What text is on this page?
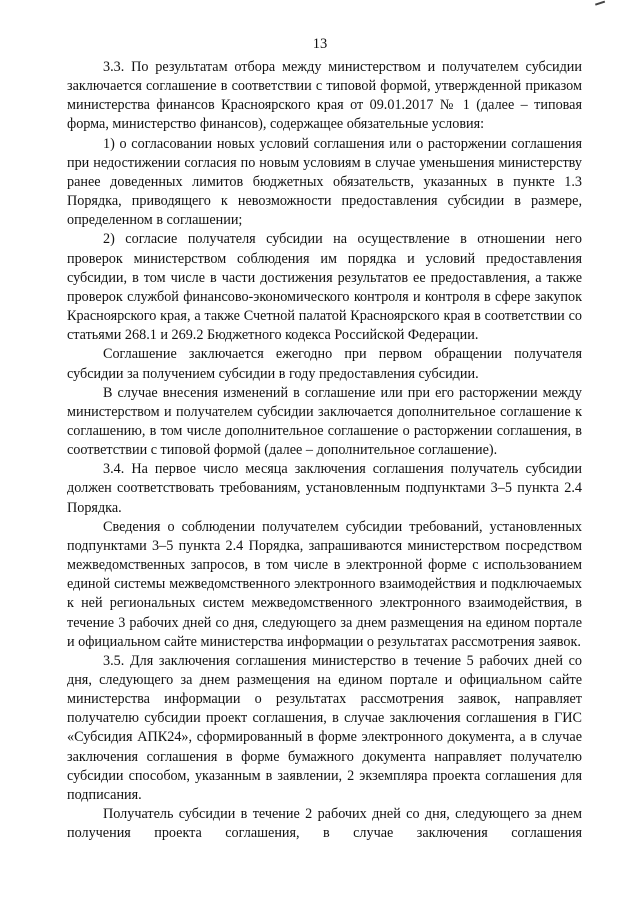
13

3.3. По результатам отбора между министерством и получателем субсидии заключается соглашение в соответствии с типовой формой, утвержденной приказом министерства финансов Красноярского края от 09.01.2017 № 1 (далее – типовая форма, министерство финансов), содержащее обязательные условия:

1) о согласовании новых условий соглашения или о расторжении соглашения при недостижении согласия по новым условиям в случае уменьшения министерству ранее доведенных лимитов бюджетных обязательств, указанных в пункте 1.3 Порядка, приводящего к невозможности предоставления субсидии в размере, определенном в соглашении;

2) согласие получателя субсидии на осуществление в отношении него проверок министерством соблюдения им порядка и условий предоставления субсидии, в том числе в части достижения результатов ее предоставления, а также проверок службой финансово-экономического контроля и контроля в сфере закупок Красноярского края, а также Счетной палатой Красноярского края в соответствии со статьями 268.1 и 269.2 Бюджетного кодекса Российской Федерации.

Соглашение заключается ежегодно при первом обращении получателя субсидии за получением субсидии в году предоставления субсидии.

В случае внесения изменений в соглашение или при его расторжении между министерством и получателем субсидии заключается дополнительное соглашение к соглашению, в том числе дополнительное соглашение о расторжении соглашения, в соответствии с типовой формой (далее – дополнительное соглашение).

3.4. На первое число месяца заключения соглашения получатель субсидии должен соответствовать требованиям, установленным подпунктами 3–5 пункта 2.4 Порядка.

Сведения о соблюдении получателем субсидии требований, установленных подпунктами 3–5 пункта 2.4 Порядка, запрашиваются министерством посредством межведомственных запросов, в том числе в электронной форме с использованием единой системы межведомственного электронного взаимодействия и подключаемых к ней региональных систем межведомственного электронного взаимодействия, в течение 3 рабочих дней со дня, следующего за днем размещения на едином портале и официальном сайте министерства информации о результатах рассмотрения заявок.

3.5. Для заключения соглашения министерство в течение 5 рабочих дней со дня, следующего за днем размещения на едином портале и официальном сайте министерства информации о результатах рассмотрения заявок, направляет получателю субсидии проект соглашения, в случае заключения соглашения в ГИС «Субсидия АПК24», сформированный в форме электронного документа, а в случае заключения соглашения в форме бумажного документа направляет получателю субсидии способом, указанным в заявлении, 2 экземпляра проекта соглашения для подписания.

Получатель субсидии в течение 2 рабочих дней со дня, следующего за днем получения проекта соглашения, в случае заключения соглашения
